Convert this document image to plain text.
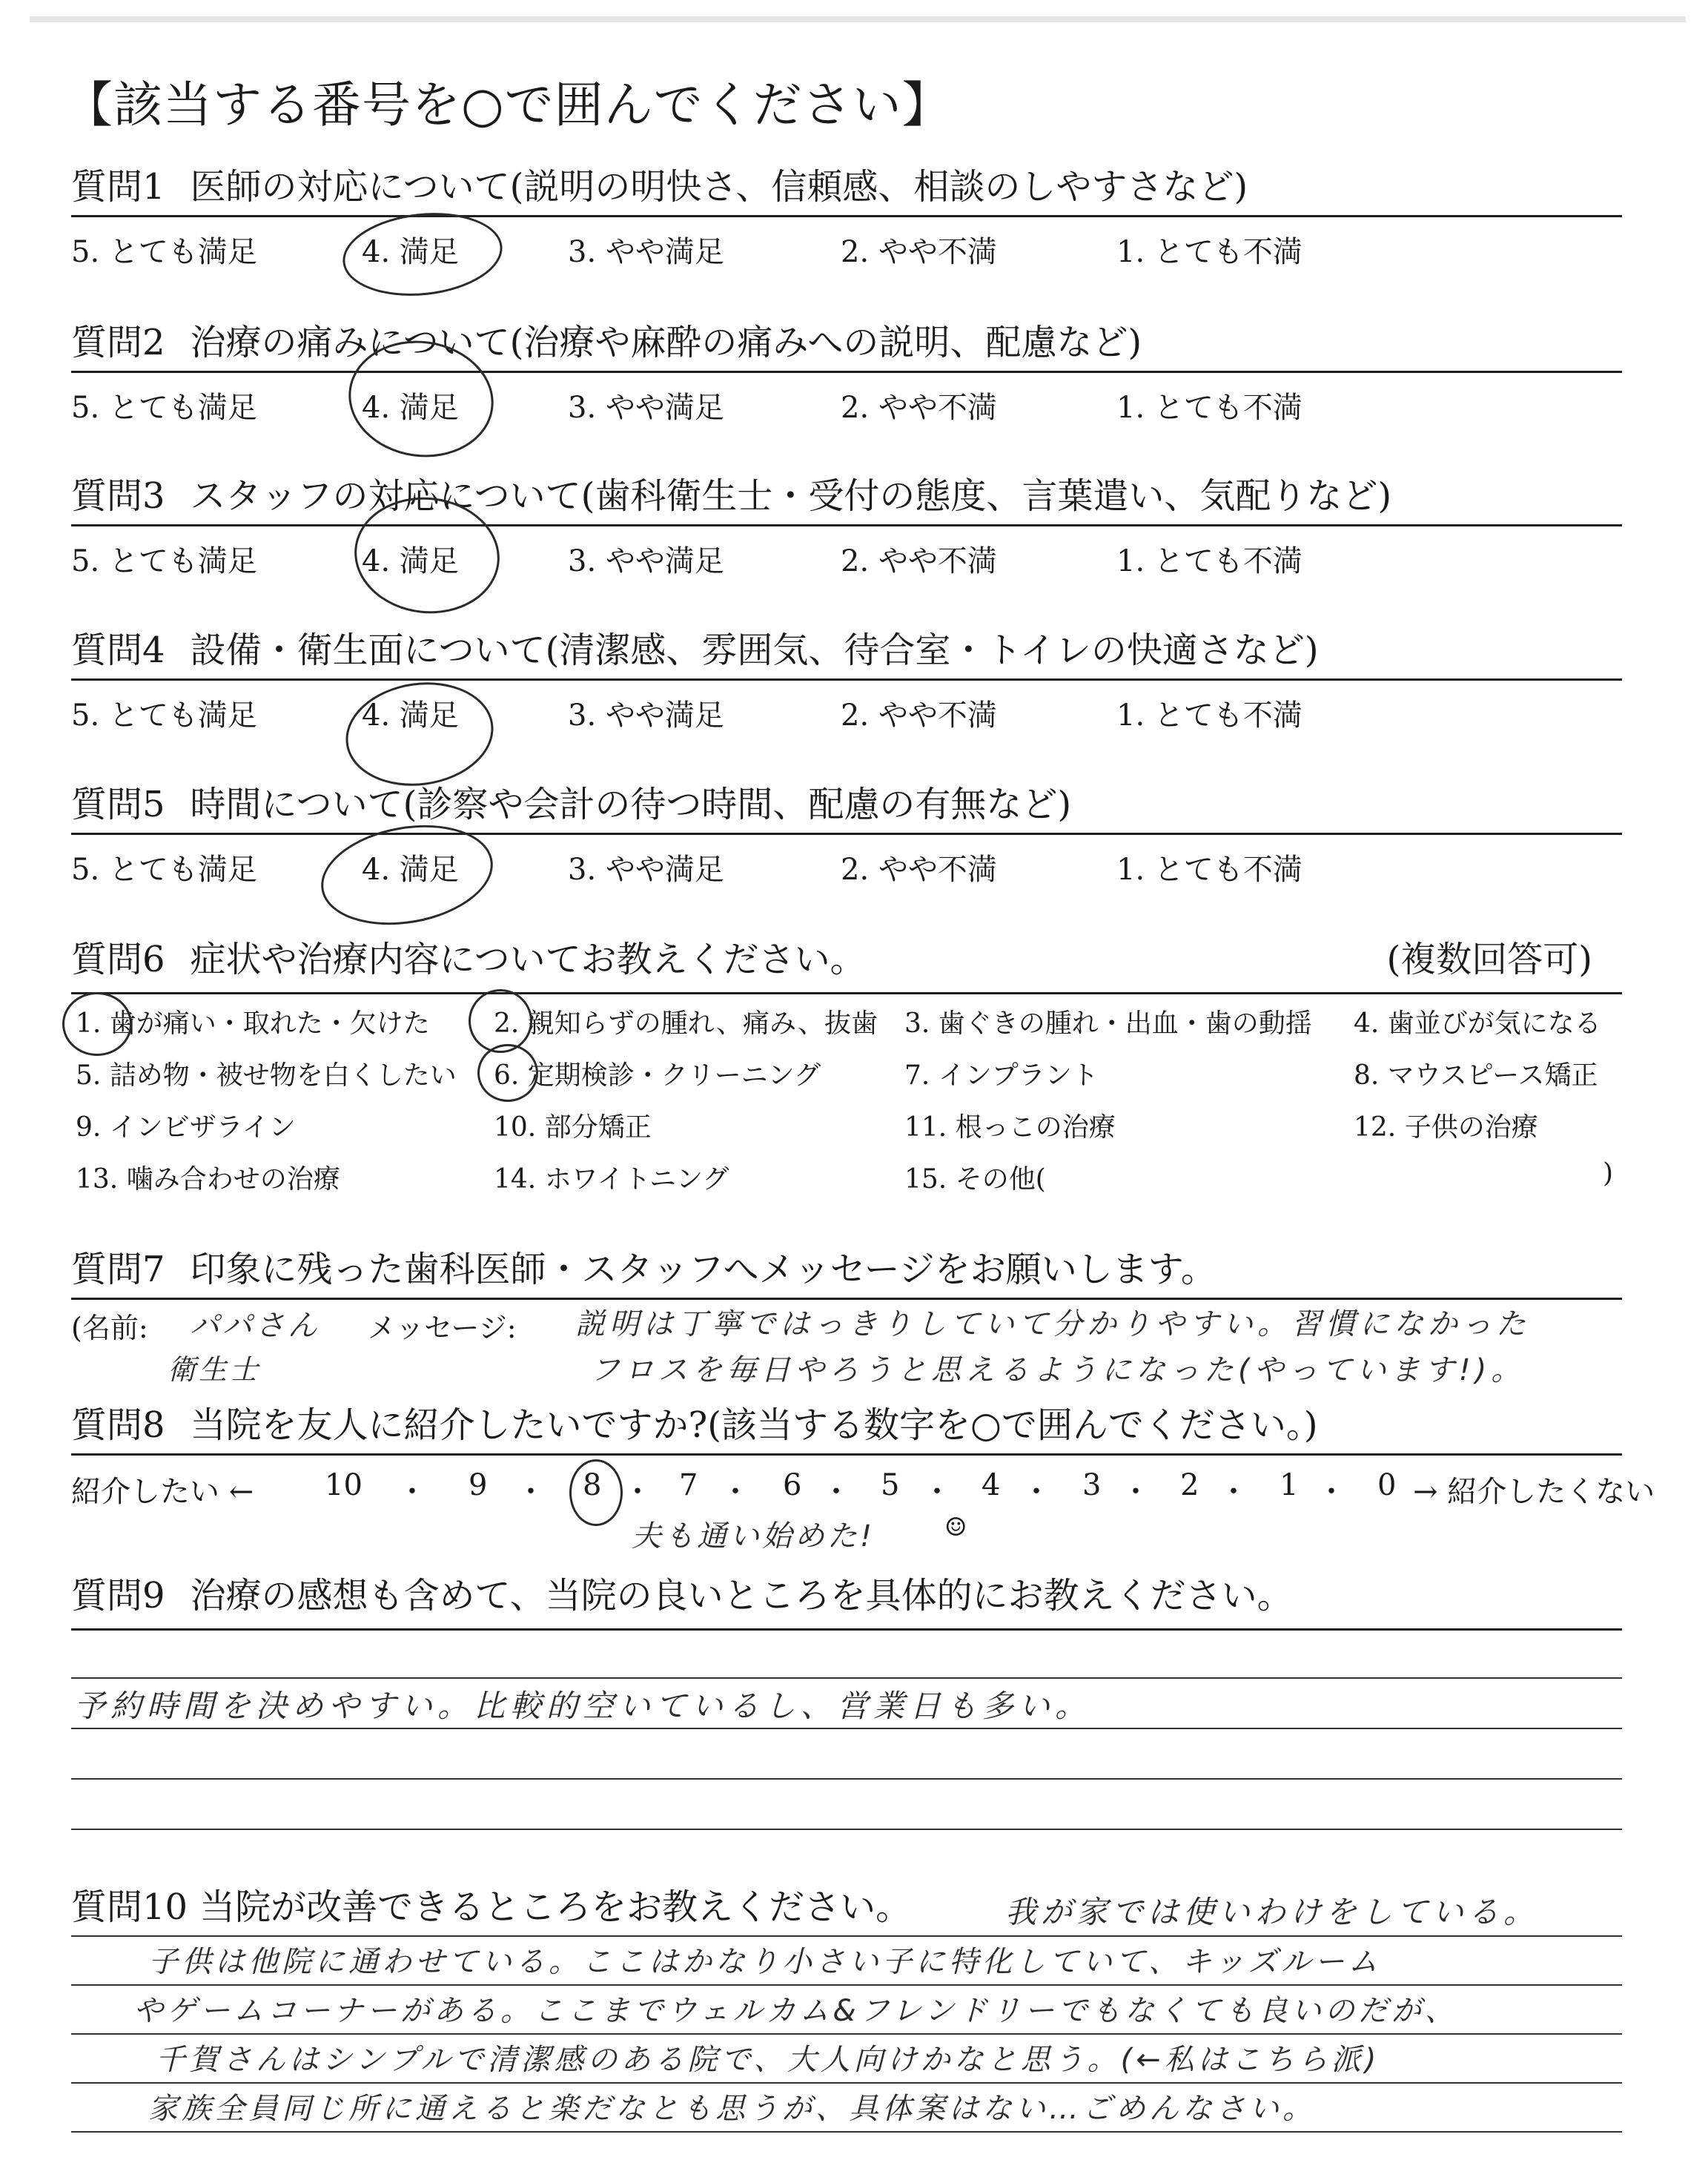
【該当する番号を○で囲んでください】
質問1 医師の対応について(説明の明快さ、信頼感、相談のしやすさなど)
5. とても満足	4. 満足	3. やや満足	2. やや不満	1. とても不満
質問2 治療の痛みについて(治療や麻酔の痛みへの説明、配慮など)
5. とても満足	4. 満足	3. やや満足	2. やや不満	1. とても不満
質問3 スタッフの対応について(歯科衛生士・受付の態度、言葉遣い、気配りなど)
5. とても満足	4. 満足	3. やや満足	2. やや不満	1. とても不満
質問4 設備・衛生面について(清潔感、雰囲気、待合室・トイレの快適さなど)
5. とても満足	4. 満足	3. やや満足	2. やや不満	1. とても不満
質問5 時間について(診察や会計の待つ時間、配慮の有無など)
5. とても満足	4. 満足	3. やや満足	2. やや不満	1. とても不満
質問6 症状や治療内容についてお教えください。	(複数回答可)
1. 歯が痛い・取れた・欠けた 2. 親知らずの腫れ、痛み、抜歯 3. 歯ぐきの腫れ・出血・歯の動揺 4. 歯並びが気になる
5. 詰め物・被せ物を白くしたい 6. 定期検診・クリーニング	7. インプラント	8. マウスピース矯正
9. インビザライン	10. 部分矯正	11. 根っこの治療	12. 子供の治療
13. 噛み合わせの治療	14. ホワイトニング	15. その他(	)
質問7 印象に残った歯科医師・スタッフへメッセージをお願いします。
(名前: パパさん
衛生士
メッセージ: 説明は丁寧ではっきりしていて分かりやすい。習慣になかった
フロスを毎日やろうと思えるようになった(やっています!)。
質問8 当院を友人に紹介したいですか?(該当する数字を○で囲んでください。)
紹介したい ← 10 ・ 9 ・ 8 ・ 7 ・ 6 ・ 5 ・ 4 ・ 3 ・ 2 ・ 1 ・ 0 → 紹介したくない
夫も通い始めた!	☺
質問9 治療の感想も含めて、当院の良いところを具体的にお教えください。
予約時間を決めやすい。比較的空いているし、営業日も多い。
質問10 当院が改善できるところをお教えください。	我が家では使いわけをしている。
子供は他院に通わせている。ここはかなり小さい子に特化していて、キッズルーム
やゲームコーナーがある。ここまでウェルカム&フレンドリーでもなくても良いのだが、
千賀さんはシンプルで清潔感のある院で、大人向けかなと思う。(←私はこちら派)
家族全員同じ所に通えると楽だなとも思うが、具体案はない…ごめんなさい。
